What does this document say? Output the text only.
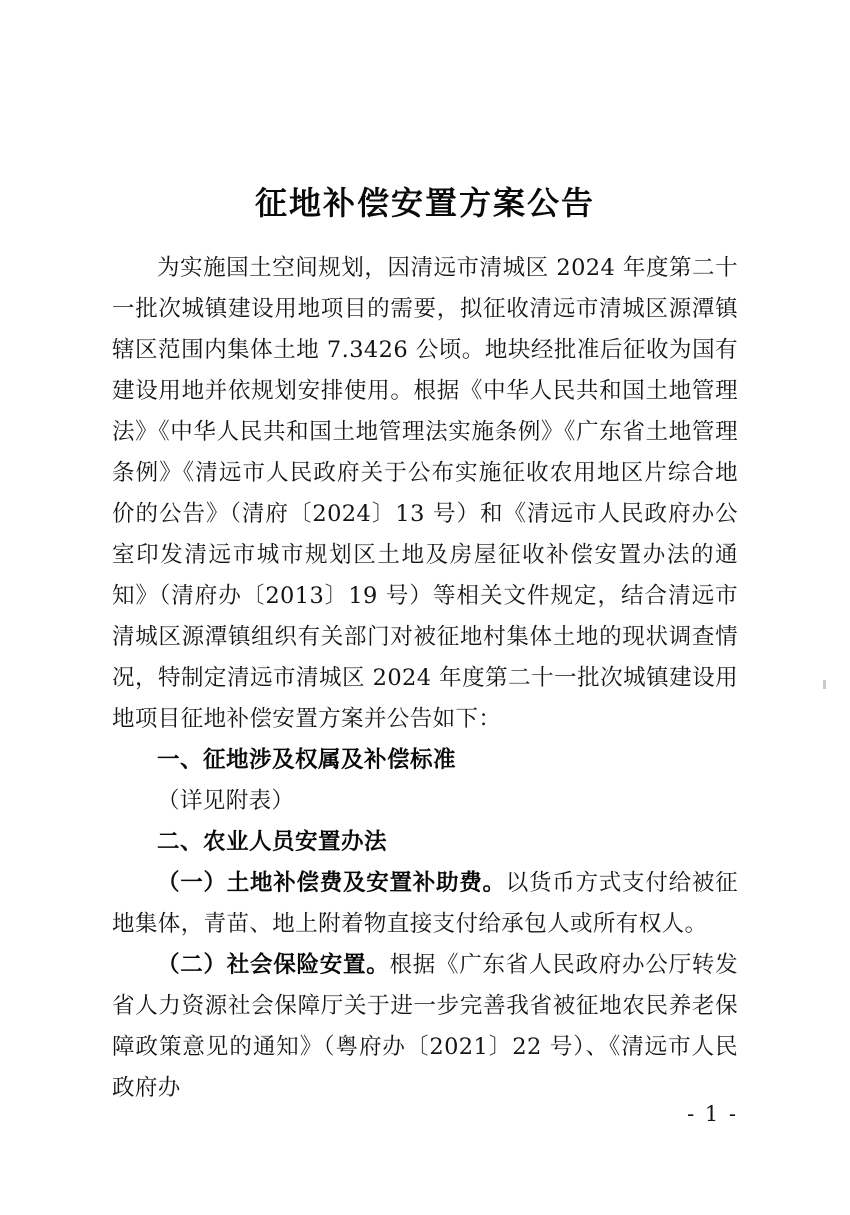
征地补偿安置方案公告

为实施国土空间规划，因清远市清城区 2024 年度第二十一批次城镇建设用地项目的需要，拟征收清远市清城区源潭镇辖区范围内集体土地 7.3426 公顷。地块经批准后征收为国有建设用地并依规划安排使用。根据《中华人民共和国土地管理法》《中华人民共和国土地管理法实施条例》《广东省土地管理条例》《清远市人民政府关于公布实施征收农用地区片综合地价的公告》（清府〔2024〕13 号）和《清远市人民政府办公室印发清远市城市规划区土地及房屋征收补偿安置办法的通知》（清府办〔2013〕19 号）等相关文件规定，结合清远市清城区源潭镇组织有关部门对被征地村集体土地的现状调查情况，特制定清远市清城区 2024 年度第二十一批次城镇建设用地项目征地补偿安置方案并公告如下：

一、征地涉及权属及补偿标准

（详见附表）

二、农业人员安置办法

（一）土地补偿费及安置补助费。以货币方式支付给被征地集体，青苗、地上附着物直接支付给承包人或所有权人。

（二）社会保险安置。根据《广东省人民政府办公厅转发省人力资源社会保障厅关于进一步完善我省被征地农民养老保障政策意见的通知》（粤府办〔2021〕22 号）、《清远市人民政府办

- 1 -
